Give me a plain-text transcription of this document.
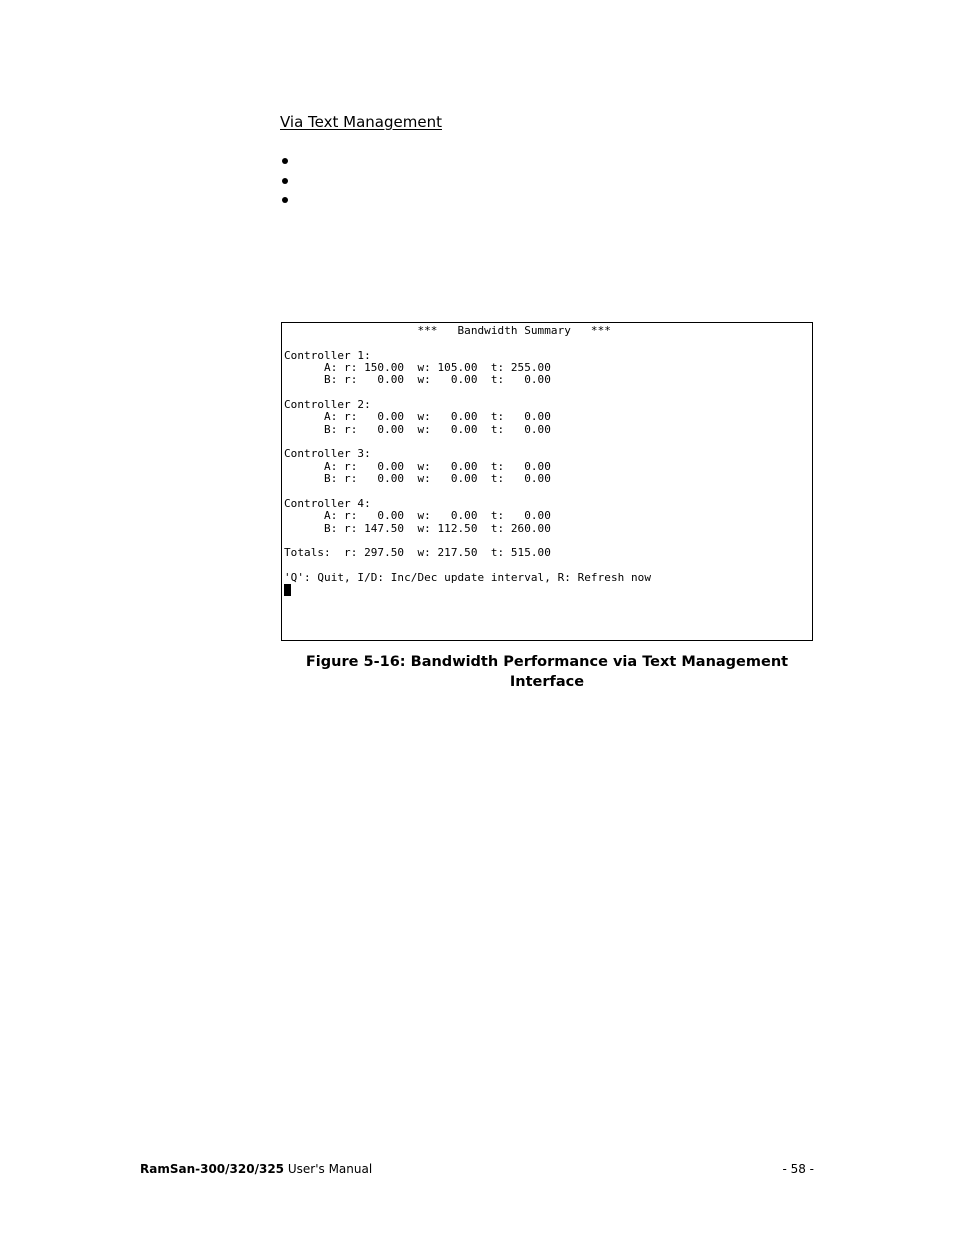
Via Text Management
***   Bandwidth Summary   ***
Controller 1:
A: r: 150.00  w: 105.00  t: 255.00
B: r:   0.00  w:   0.00  t:   0.00
Controller 2:
A: r:   0.00  w:   0.00  t:   0.00
B: r:   0.00  w:   0.00  t:   0.00
Controller 3:
A: r:   0.00  w:   0.00  t:   0.00
B: r:   0.00  w:   0.00  t:   0.00
Controller 4:
A: r:   0.00  w:   0.00  t:   0.00
B: r: 147.50  w: 112.50  t: 260.00
Totals:  r: 297.50  w: 217.50  t: 515.00
'Q': Quit, I/D: Inc/Dec update interval, R: Refresh now
Figure 5-16: Bandwidth Performance via Text Management Interface
RamSan-300/320/325 User's Manual	- 58 -
